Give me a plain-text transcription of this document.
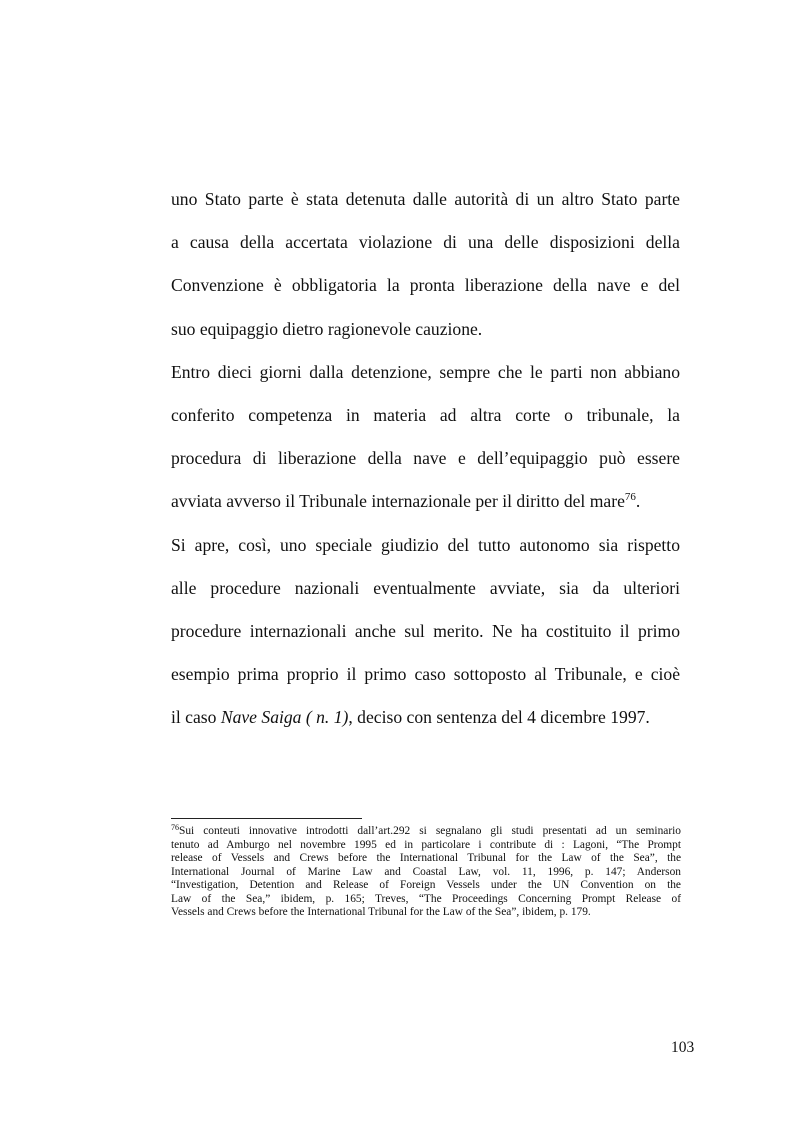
uno Stato parte è stata detenuta dalle autorità di un altro Stato parte
a causa della accertata violazione di una delle disposizioni della
Convenzione è obbligatoria la pronta liberazione della nave e del
suo equipaggio dietro ragionevole cauzione.
Entro dieci giorni dalla detenzione, sempre che le parti non abbiano
conferito competenza in materia ad altra corte o tribunale, la
procedura di liberazione della nave e dell’equipaggio può essere
avviata avverso il Tribunale internazionale per il diritto del mare$^{76}$.
Si apre, così, uno speciale giudizio del tutto autonomo sia rispetto
alle procedure nazionali eventualmente avviate, sia da ulteriori
procedure internazionali anche sul merito. Ne ha costituito il primo
esempio prima proprio il primo caso sottoposto al Tribunale, e cioè
il caso Nave Saiga ( n. 1), deciso con sentenza del 4 dicembre 1997.
$^{76}$Sui conteuti innovative introdotti dall’art.292 si segnalano gli studi presentati ad un seminario
tenuto ad Amburgo nel novembre 1995 ed in particolare i contribute di : Lagoni, “The Prompt
release of Vessels and Crews before the International Tribunal for the Law of the Sea”, the
International Journal of Marine Law and Coastal Law, vol. 11, 1996, p. 147; Anderson
“Investigation, Detention and Release of Foreign Vessels under the UN Convention on the
Law of the Sea,” ibidem, p. 165; Treves, “The Proceedings Concerning Prompt Release of
Vessels and Crews before the International Tribunal for the Law of the Sea”, ibidem, p. 179.
103
